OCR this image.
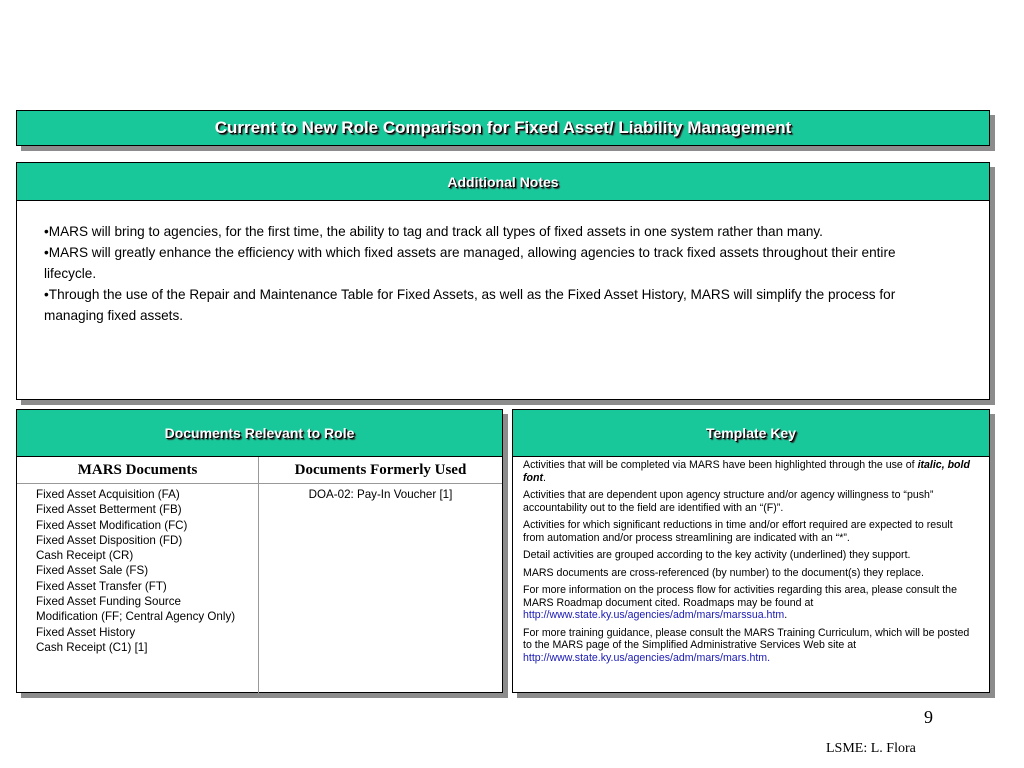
Current to New Role Comparison for Fixed Asset/ Liability Management
Additional Notes

•MARS will bring to agencies, for the first time, the ability to tag and track all types of fixed assets in one system rather than many.

•MARS will greatly enhance the efficiency with which fixed assets are managed, allowing agencies to track fixed assets throughout their entire lifecycle.

•Through the use of the Repair and Maintenance Table for Fixed Assets, as well as the Fixed Asset History, MARS will simplify the process for managing fixed assets.

Documents Relevant to Role
MARS Documents
Fixed Asset Acquisition (FA)
Fixed Asset Betterment (FB)
Fixed Asset Modification (FC)
Fixed Asset Disposition (FD)
Cash Receipt (CR)
Fixed Asset Sale (FS)
Fixed Asset Transfer (FT)
Fixed Asset Funding Source Modification (FF; Central Agency Only)
Fixed Asset History
Cash Receipt (C1) [1]
Documents Formerly Used
DOA-02: Pay-In Voucher [1]
Template Key

Activities that will be completed via MARS have been highlighted through the use of italic, bold font.

Activities that are dependent upon agency structure and/or agency willingness to “push” accountability out to the field are identified with an “(F)”.

Activities for which significant reductions in time and/or effort required are expected to result from automation and/or process streamlining are indicated with an “*”.

Detail activities are grouped according to the key activity (underlined) they support.

MARS documents are cross-referenced (by number) to the document(s) they replace.

For more information on the process flow for activities regarding this area, please consult the MARS Roadmap document cited. Roadmaps may be found at http://www.state.ky.us/agencies/adm/mars/marssua.htm.

For more training guidance, please consult the MARS Training Curriculum, which will be posted to the MARS page of the Simplified Administrative Services Web site at http://www.state.ky.us/agencies/adm/mars/mars.htm.

9
LSME: L. Flora
